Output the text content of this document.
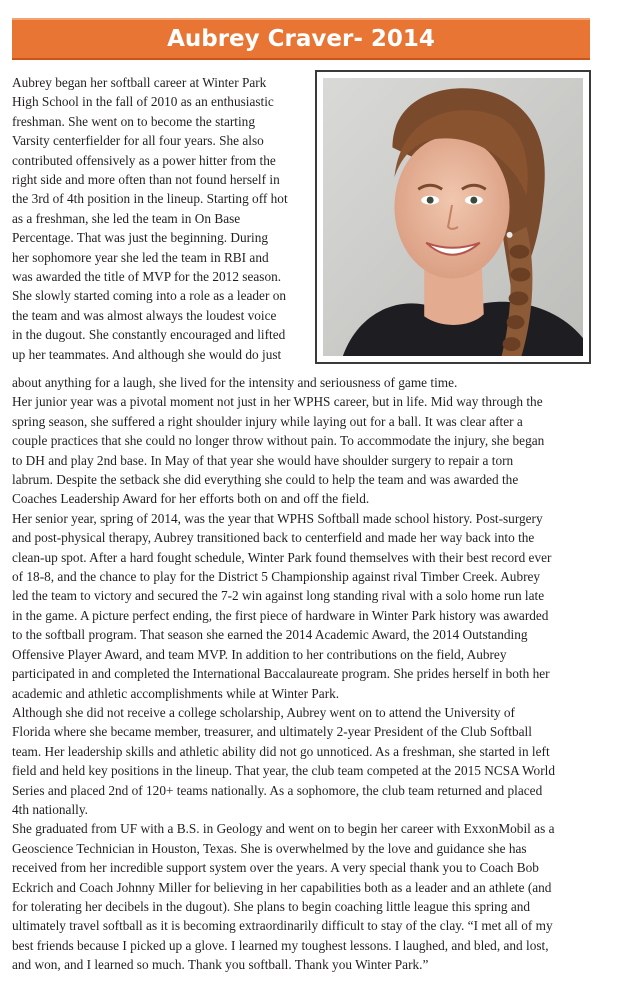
Aubrey Craver- 2014
Aubrey began her softball career at Winter Park
High School in the fall of 2010 as an enthusiastic
freshman. She went on to become the starting
Varsity centerfielder for all four years. She also
contributed offensively as a power hitter from the
right side and more often than not found herself in
the 3rd of 4th position in the lineup. Starting off hot
as a freshman, she led the team in On Base
Percentage. That was just the beginning. During
her sophomore year she led the team in RBI and
was awarded the title of MVP for the 2012 season.
She slowly started coming into a role as a leader on
the team and was almost always the loudest voice
in the dugout. She constantly encouraged and lifted
up her teammates. And although she would do just
about anything for a laugh, she lived for the intensity and seriousness of game time.
Her junior year was a pivotal moment not just in her WPHS career, but in life. Mid way through the
spring season, she suffered a right shoulder injury while laying out for a ball. It was clear after a
couple practices that she could no longer throw without pain. To accommodate the injury, she began
to DH and play 2nd base. In May of that year she would have shoulder surgery to repair a torn
labrum. Despite the setback she did everything she could to help the team and was awarded the
Coaches Leadership Award for her efforts both on and off the field.
Her senior year, spring of 2014, was the year that WPHS Softball made school history. Post-surgery
and post-physical therapy, Aubrey transitioned back to centerfield and made her way back into the
clean-up spot. After a hard fought schedule, Winter Park found themselves with their best record ever
of 18-8, and the chance to play for the District 5 Championship against rival Timber Creek. Aubrey
led the team to victory and secured the 7-2 win against long standing rival with a solo home run late
in the game. A picture perfect ending, the first piece of hardware in Winter Park history was awarded
to the softball program. That season she earned the 2014 Academic Award, the 2014 Outstanding
Offensive Player Award, and team MVP. In addition to her contributions on the field, Aubrey
participated in and completed the International Baccalaureate program. She prides herself in both her
academic and athletic accomplishments while at Winter Park.
Although she did not receive a college scholarship, Aubrey went on to attend the University of
Florida where she became member, treasurer, and ultimately 2-year President of the Club Softball
team. Her leadership skills and athletic ability did not go unnoticed. As a freshman, she started in left
field and held key positions in the lineup. That year, the club team competed at the 2015 NCSA World
Series and placed 2nd of 120+ teams nationally. As a sophomore, the club team returned and placed
4th nationally.
She graduated from UF with a B.S. in Geology and went on to begin her career with ExxonMobil as a
Geoscience Technician in Houston, Texas. She is overwhelmed by the love and guidance she has
received from her incredible support system over the years. A very special thank you to Coach Bob
Eckrich and Coach Johnny Miller for believing in her capabilities both as a leader and an athlete (and
for tolerating her decibels in the dugout). She plans to begin coaching little league this spring and
ultimately travel softball as it is becoming extraordinarily difficult to stay of the clay. “I met all of my
best friends because I picked up a glove. I learned my toughest lessons. I laughed, and bled, and lost,
and won, and I learned so much. Thank you softball. Thank you Winter Park.”
